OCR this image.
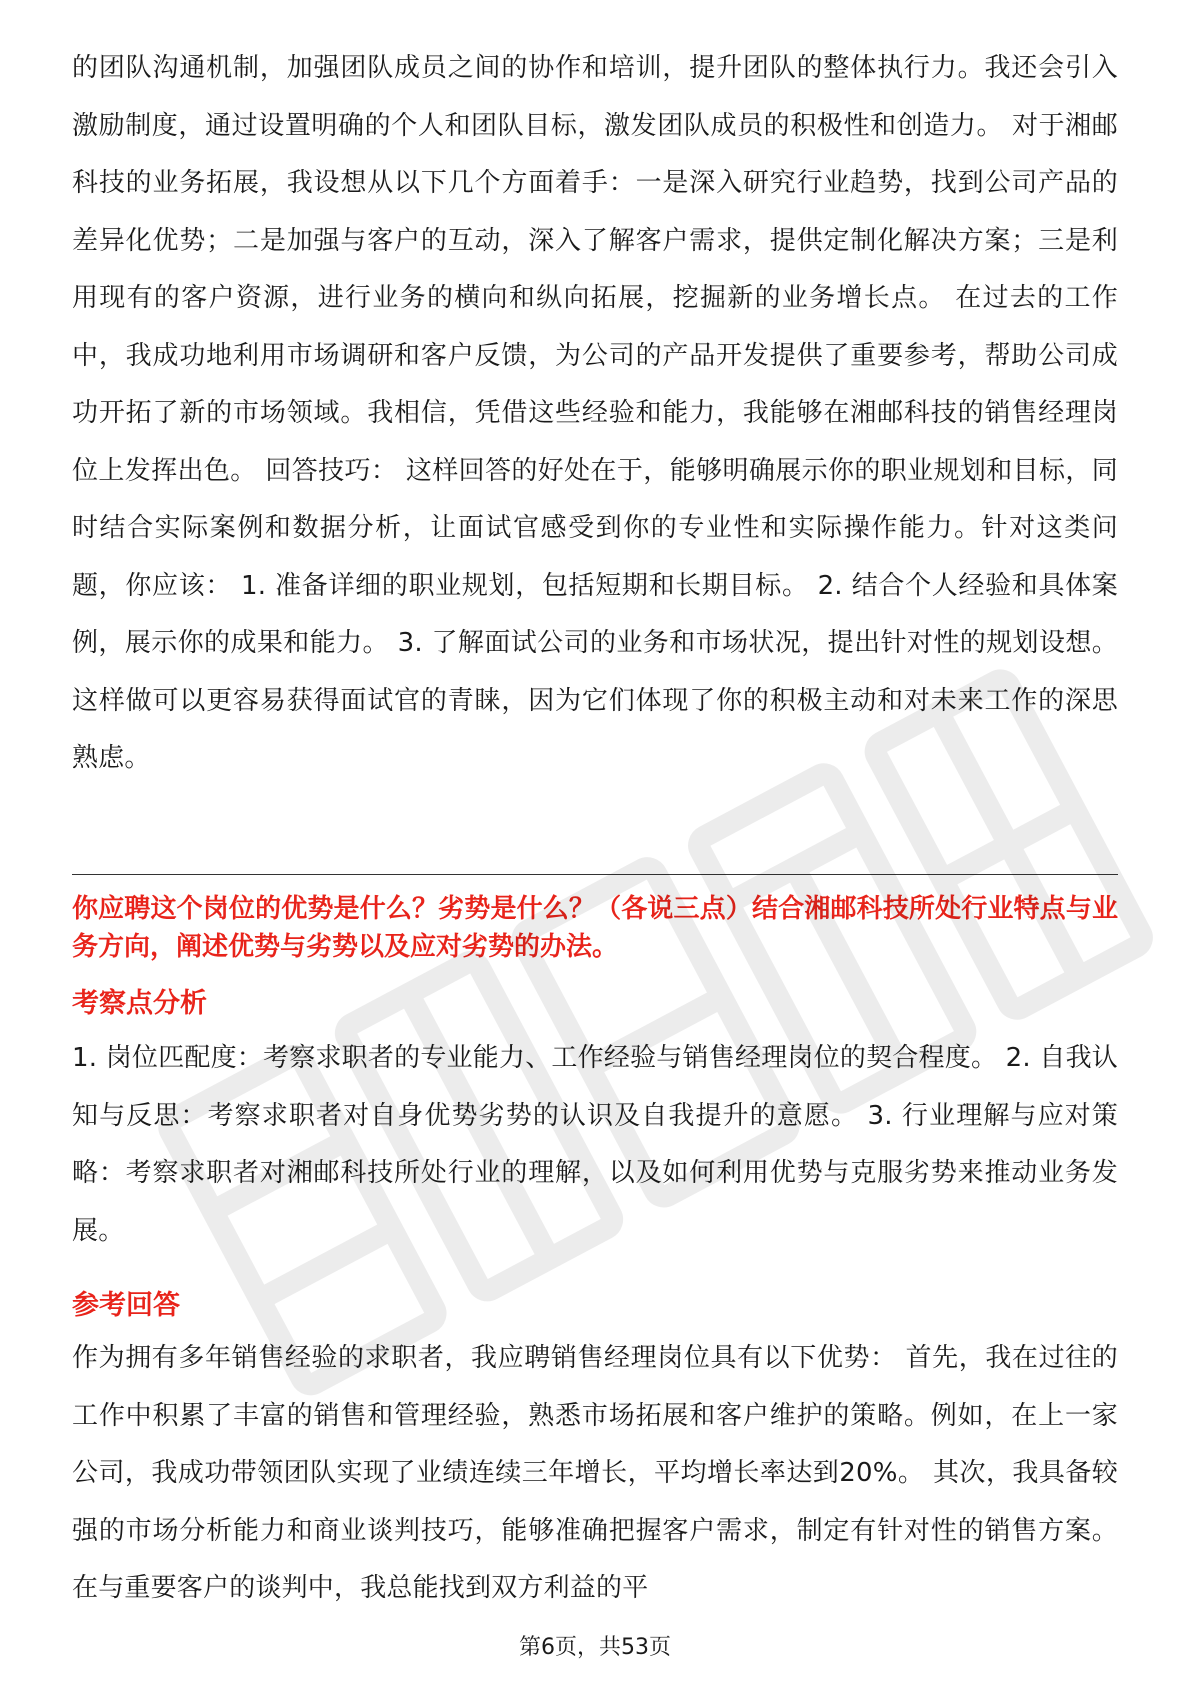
的团队沟通机制，加强团队成员之间的协作和培训，提升团队的整体执行力。我还会引入激励制度，通过设置明确的个人和团队目标，激发团队成员的积极性和创造力。 对于湘邮科技的业务拓展，我设想从以下几个方面着手：一是深入研究行业趋势，找到公司产品的差异化优势；二是加强与客户的互动，深入了解客户需求，提供定制化解决方案；三是利用现有的客户资源，进行业务的横向和纵向拓展，挖掘新的业务增长点。 在过去的工作中，我成功地利用市场调研和客户反馈，为公司的产品开发提供了重要参考，帮助公司成功开拓了新的市场领域。我相信，凭借这些经验和能力，我能够在湘邮科技的销售经理岗位上发挥出色。 回答技巧： 这样回答的好处在于，能够明确展示你的职业规划和目标，同时结合实际案例和数据分析，让面试官感受到你的专业性和实际操作能力。针对这类问题，你应该： 1. 准备详细的职业规划，包括短期和长期目标。 2. 结合个人经验和具体案例，展示你的成果和能力。 3. 了解面试公司的业务和市场状况，提出针对性的规划设想。 这样做可以更容易获得面试官的青睐，因为它们体现了你的积极主动和对未来工作的深思熟虑。

你应聘这个岗位的优势是什么？劣势是什么？（各说三点）结合湘邮科技所处行业特点与业务方向，阐述优势与劣势以及应对劣势的办法。

考察点分析

1. 岗位匹配度：考察求职者的专业能力、工作经验与销售经理岗位的契合程度。 2. 自我认知与反思：考察求职者对自身优势劣势的认识及自我提升的意愿。 3. 行业理解与应对策略：考察求职者对湘邮科技所处行业的理解，以及如何利用优势与克服劣势来推动业务发展。

参考回答

作为拥有多年销售经验的求职者，我应聘销售经理岗位具有以下优势： 首先，我在过往的工作中积累了丰富的销售和管理经验，熟悉市场拓展和客户维护的策略。例如，在上一家公司，我成功带领团队实现了业绩连续三年增长，平均增长率达到20%。 其次，我具备较强的市场分析能力和商业谈判技巧，能够准确把握客户需求，制定有针对性的销售方案。在与重要客户的谈判中，我总能找到双方利益的平

第6页，共53页
